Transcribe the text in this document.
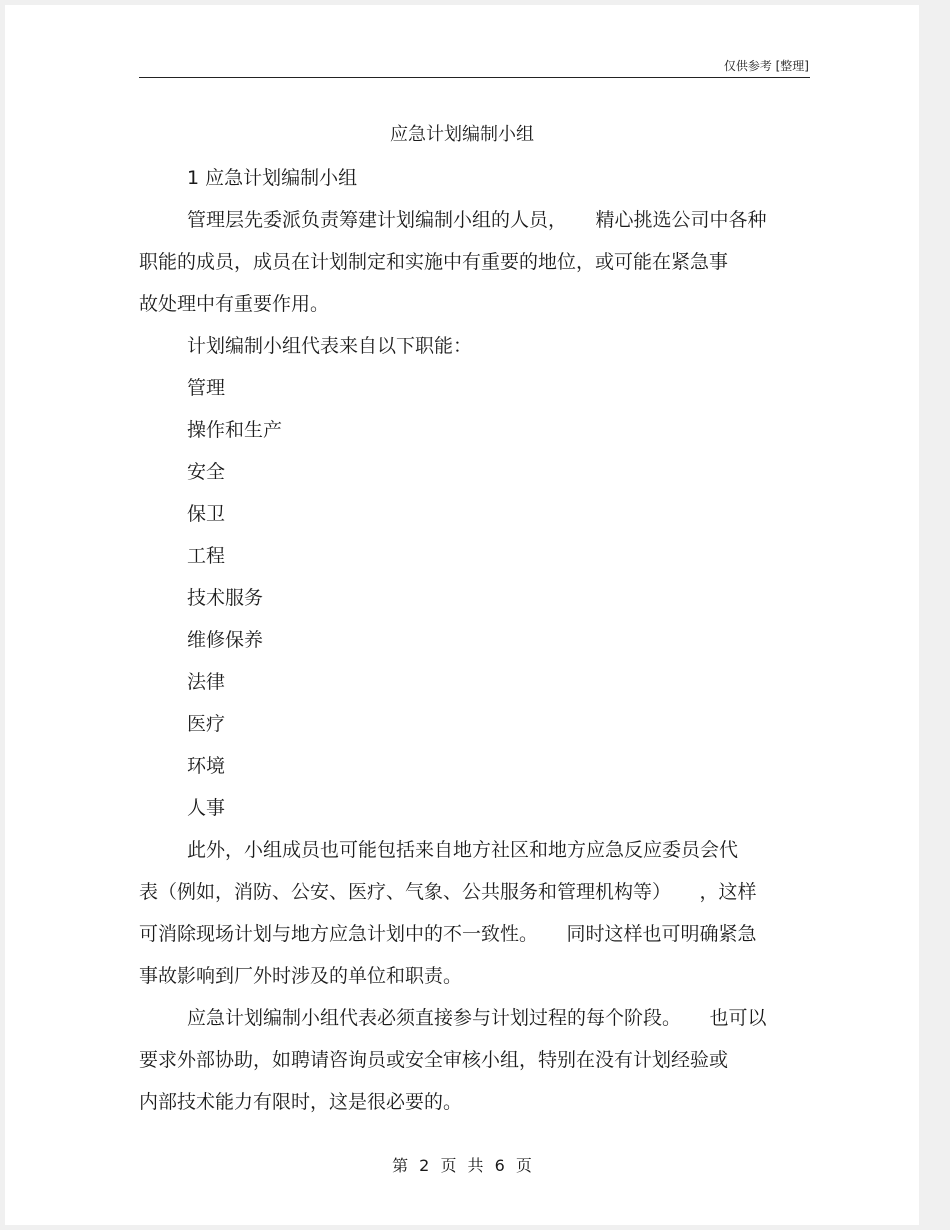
仅供参考 [整理]
应急计划编制小组

1 应急计划编制小组

管理层先委派负责筹建计划编制小组的人员，　　精心挑选公司中各种

职能的成员，成员在计划制定和实施中有重要的地位，或可能在紧急事

故处理中有重要作用。

计划编制小组代表来自以下职能：

管理

操作和生产

安全

保卫

工程

技术服务

维修保养

法律

医疗

环境

人事

此外，小组成员也可能包括来自地方社区和地方应急反应委员会代

表（例如，消防、公安、医疗、气象、公共服务和管理机构等）　　，这样

可消除现场计划与地方应急计划中的不一致性。　　同时这样也可明确紧急

事故影响到厂外时涉及的单位和职责。

应急计划编制小组代表必须直接参与计划过程的每个阶段。　　也可以

要求外部协助，如聘请咨询员或安全审核小组，特别在没有计划经验或

内部技术能力有限时，这是很必要的。

第 2 页 共 6 页
